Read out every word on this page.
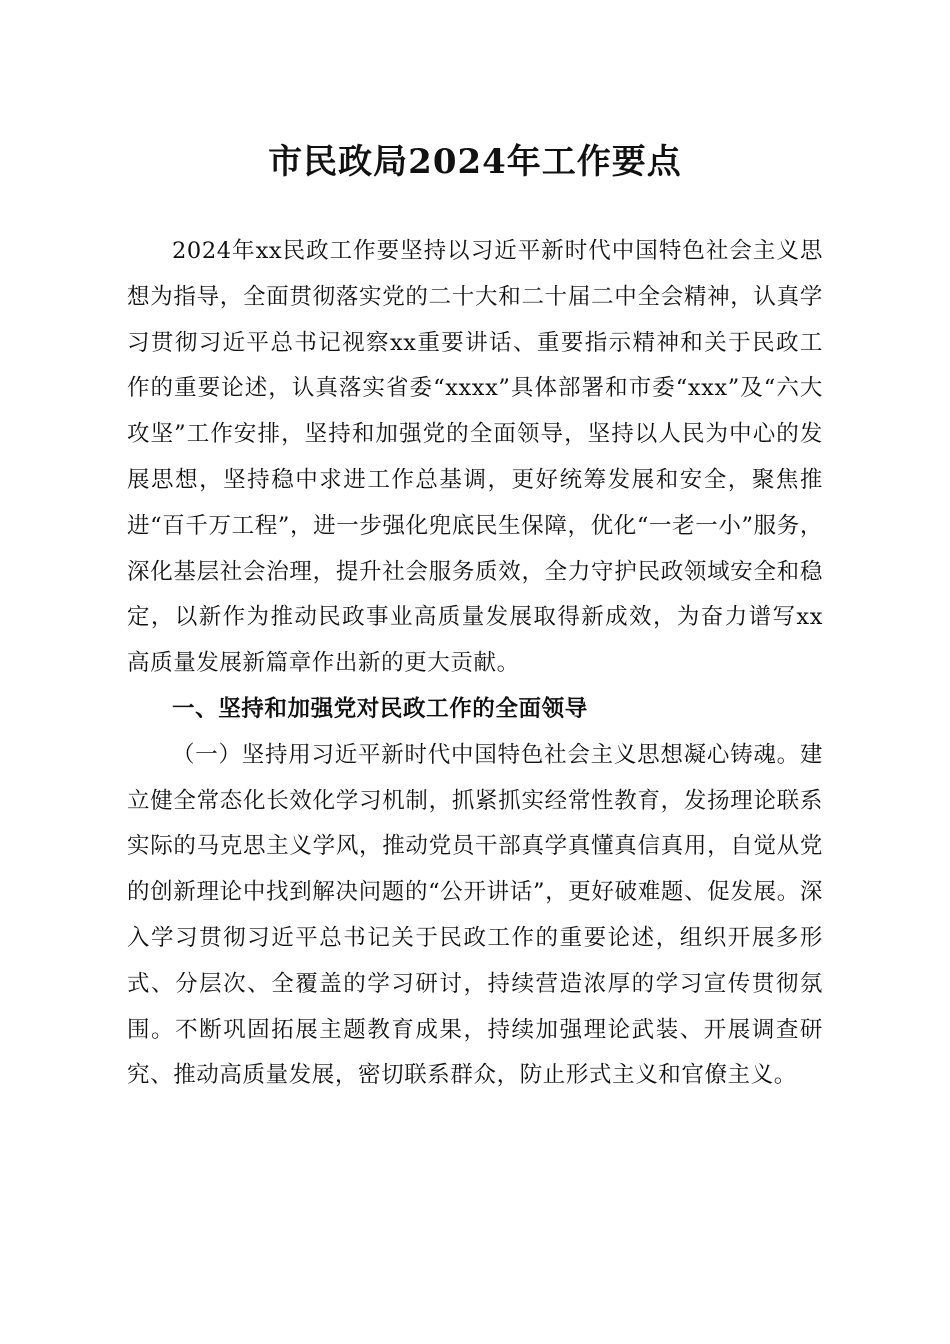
市民政局2024年工作要点

2024年xx民政工作要坚持以习近平新时代中国特色社会主义思想为指导，全面贯彻落实党的二十大和二十届二中全会精神，认真学习贯彻习近平总书记视察xx重要讲话、重要指示精神和关于民政工作的重要论述，认真落实省委“xxxx”具体部署和市委“xxx”及“六大攻坚”工作安排，坚持和加强党的全面领导，坚持以人民为中心的发展思想，坚持稳中求进工作总基调，更好统筹发展和安全，聚焦推进“百千万工程”，进一步强化兜底民生保障，优化“一老一小”服务，深化基层社会治理，提升社会服务质效，全力守护民政领域安全和稳定，以新作为推动民政事业高质量发展取得新成效，为奋力谱写xx高质量发展新篇章作出新的更大贡献。

一、坚持和加强党对民政工作的全面领导

（一）坚持用习近平新时代中国特色社会主义思想凝心铸魂。建立健全常态化长效化学习机制，抓紧抓实经常性教育，发扬理论联系实际的马克思主义学风，推动党员干部真学真懂真信真用，自觉从党的创新理论中找到解决问题的“公开讲话”，更好破难题、促发展。深入学习贯彻习近平总书记关于民政工作的重要论述，组织开展多形式、分层次、全覆盖的学习研讨，持续营造浓厚的学习宣传贯彻氛围。不断巩固拓展主题教育成果，持续加强理论武装、开展调查研究、推动高质量发展，密切联系群众，防止形式主义和官僚主义。
